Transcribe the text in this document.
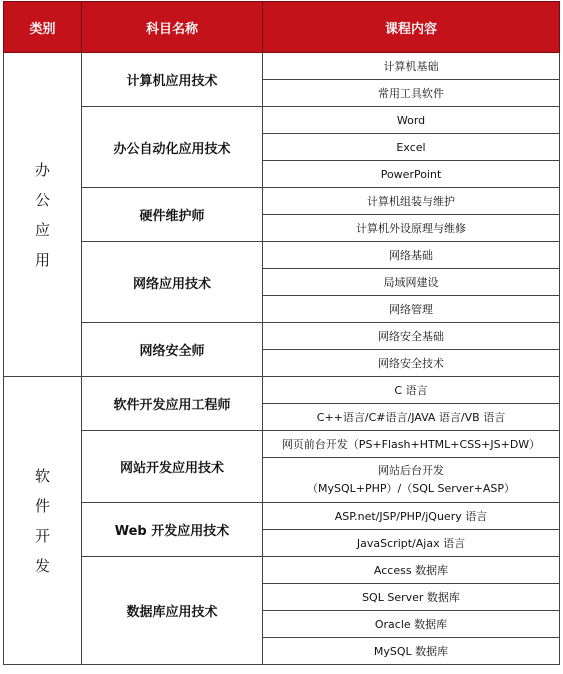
类别	科目名称	课程内容
办公应用	计算机应用技术	计算机基础
		常用工具软件
	办公自动化应用技术	Word
		Excel
		PowerPoint
	硬件维护师	计算机组装与维护
		计算机外设原理与维修
	网络应用技术	网络基础
		局域网建设
		网络管理
	网络安全师	网络安全基础
		网络安全技术
软件开发	软件开发应用工程师	C 语言
		C++语言/C#语言/JAVA 语言/VB 语言
	网站开发应用技术	网页前台开发（PS+Flash+HTML+CSS+JS+DW）

		网站后台开发
（MySQL+PHP）/（SQL Server+ASP）

	Web 开发应用技术	ASP.net/JSP/PHP/jQuery 语言
		JavaScript/Ajax 语言
	数据库应用技术	Access 数据库
		SQL Server 数据库
		Oracle 数据库
		MySQL 数据库
